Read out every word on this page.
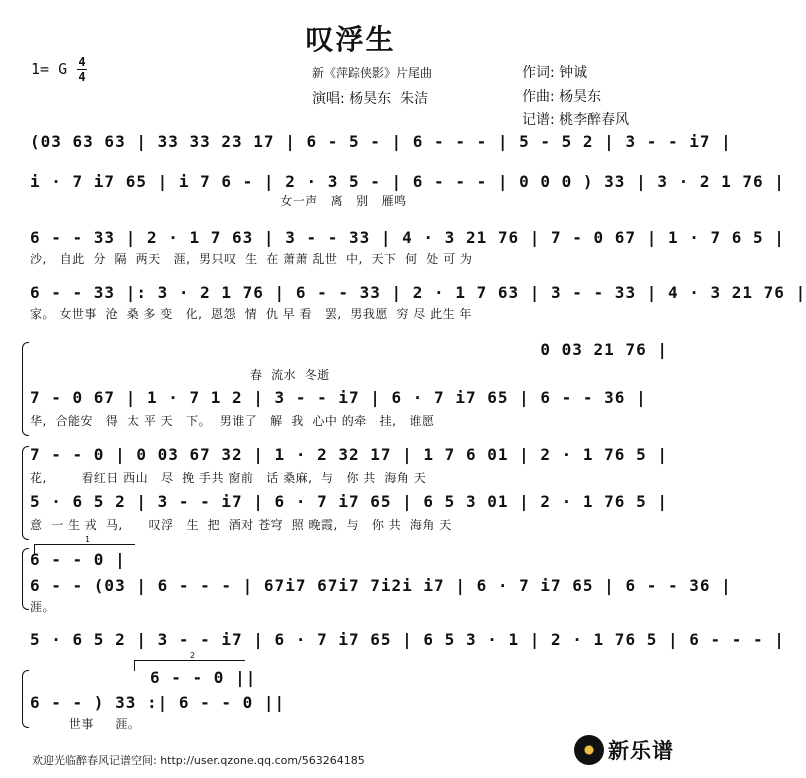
叹浮生
1= G 4
4	新《萍踪侠影》片尾曲
演唱: 杨昊东  朱洁
作词: 钟诚
作曲: 杨昊东
记谱: 桃李醉春风
(03 63 63 | 33 33 23 17 | 6 - 5 - | 6 - - - | 5 - 5 2 | 3 - - i7 |
i · 7 i7 65 | i 7 6 - | 2 · 3 5 - | 6 - - - | 0 0 0 ) 33 | 3 · 2 1 76 |
女一声   离   别   雁鸣
6 - - 33 | 2 · 1 7 63 | 3 - - 33 | 4 · 3 21 76 | 7 - 0 67 | 1 · 7 6 5 |
沙,   自此  分  隔  两天   涯,  男只叹  生  在 萧萧 乱世  中,  天下  何  处 可 为
6 - - 33 |: 3 · 2 1 76 | 6 - - 33 | 2 · 1 7 63 | 3 - - 33 | 4 · 3 21 76 |
家。 女世事  沧  桑 多 变   化,  恩怨  情  仇 早 看   罢,  男我愿  穷 尽 此生 年
0 03 21 76 |
春  流水  冬逝
7 - 0 67 | 1 · 7 1 2 | 3 - - i7 | 6 · 7 i7 65 | 6 - - 36 |
华,  合能安   得  太 平 天   下。  男谁了   解  我  心中 的牵   挂,   谁愿
7 - - 0 | 0 03 67 32 | 1 · 2 32 17 | 1 7 6 01 | 2 · 1 76 5 |
花,        看红日 西山   尽  挽 手共 窗前   话 桑麻,  与   你 共  海角 天
5 · 6 5 2 | 3 - - i7 | 6 · 7 i7 65 | 6 5 3 01 | 2 · 1 76 5 |
意  一 生 戎  马,      叹浮   生  把  酒对 苍穹  照 晚霞,  与   你 共  海角 天
1
6 - - 0 |
6 - - (03 | 6 - - - | 67i7 67i7 7i2i i7 | 6 · 7 i7 65 | 6 - - 36 |
涯。
5 · 6 5 2 | 3 - - i7 | 6 · 7 i7 65 | 6 5 3 · 1 | 2 · 1 76 5 | 6 - - - |
2
6 - - 0 ||
6 - - ) 33 :| 6 - - 0 ||
世事     涯。
欢迎光临醉春风记谱空间: http://user.qzone.qq.com/563264185	新乐谱
